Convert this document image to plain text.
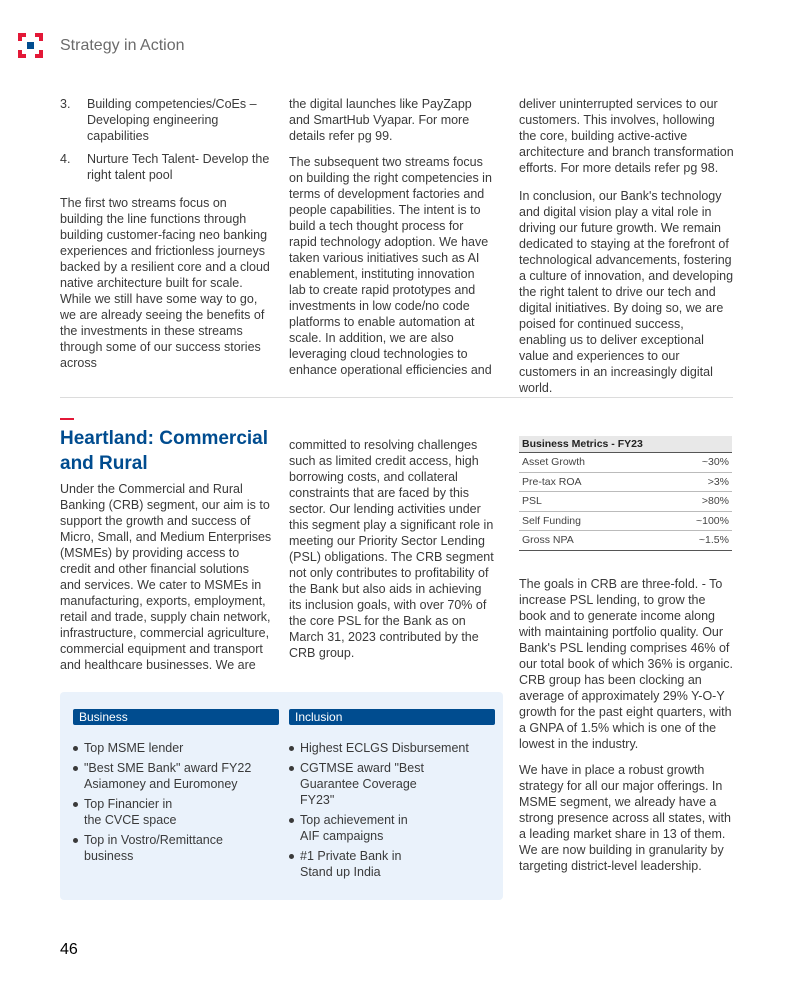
Strategy in Action
3. Building competencies/CoEs – Developing engineering capabilities
4. Nurture Tech Talent- Develop the right talent pool

The first two streams focus on building the line functions through building customer-facing neo banking experiences and frictionless journeys backed by a resilient core and a cloud native architecture built for scale. While we still have some way to go, we are already seeing the benefits of the investments in these streams through some of our success stories across

the digital launches like PayZapp and SmartHub Vyapar. For more details refer pg 99.

The subsequent two streams focus on building the right competencies in terms of development factories and people capabilities. The intent is to build a tech thought process for rapid technology adoption. We have taken various initiatives such as AI enablement, instituting innovation lab to create rapid prototypes and investments in low code/no code platforms to enable automation at scale. In addition, we are also leveraging cloud technologies to enhance operational efficiencies and

deliver uninterrupted services to our customers. This involves, hollowing the core, building active-active architecture and branch transformation efforts. For more details refer pg 98.

In conclusion, our Bank's technology and digital vision play a vital role in driving our future growth. We remain dedicated to staying at the forefront of technological advancements, fostering a culture of innovation, and developing the right talent to drive our tech and digital initiatives. By doing so, we are poised for continued success, enabling us to deliver exceptional value and experiences to our customers in an increasingly digital world.

Heartland: Commercial and Rural

Under the Commercial and Rural Banking (CRB) segment, our aim is to support the growth and success of Micro, Small, and Medium Enterprises (MSMEs) by providing access to credit and other financial solutions and services. We cater to MSMEs in manufacturing, exports, employment, retail and trade, supply chain network, infrastructure, commercial agriculture, commercial equipment and transport and healthcare businesses. We are

committed to resolving challenges such as limited credit access, high borrowing costs, and collateral constraints that are faced by this sector. Our lending activities under this segment play a significant role in meeting our Priority Sector Lending (PSL) obligations. The CRB segment not only contributes to profitability of the Bank but also aids in achieving its inclusion goals, with over 70% of the core PSL for the Bank as on March 31, 2023 contributed by the CRB group.

Business Metrics - FY23
Asset Growth	~30%
Pre-tax ROA	>3%
PSL	>80%
Self Funding	~100%
Gross NPA	~1.5%

The goals in CRB are three-fold. - To increase PSL lending, to grow the book and to generate income along with maintaining portfolio quality. Our Bank's PSL lending comprises 46% of our total book of which 36% is organic. CRB group has been clocking an average of approximately 29% Y-O-Y growth for the past eight quarters, with a GNPA of 1.5% which is one of the lowest in the industry.

We have in place a robust growth strategy for all our major offerings. In MSME segment, we already have a strong presence across all states, with a leading market share in 13 of them. We are now building in granularity by targeting district-level leadership.

Business
Top MSME lender
"Best SME Bank" award FY22 Asiamoney and Euromoney
Top Financier in the CVCE space
Top in Vostro/Remittance business
Inclusion
Highest ECLGS Disbursement
CGTMSE award "Best Guarantee Coverage FY23"
Top achievement in AIF campaigns
#1 Private Bank in Stand up India
46
